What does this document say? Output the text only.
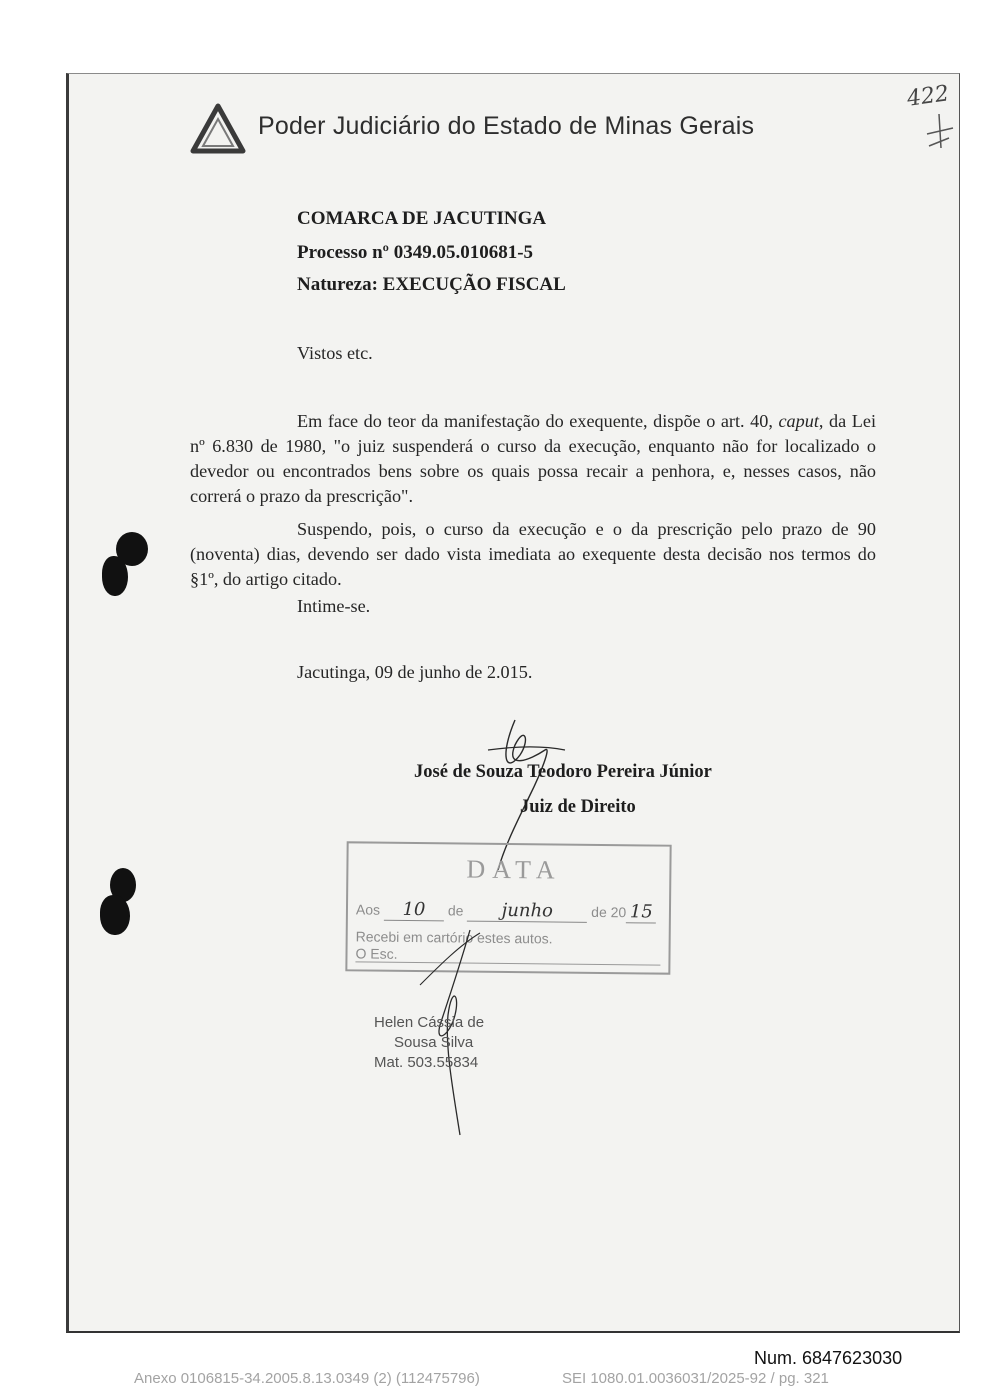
Poder Judiciário do Estado de Minas Gerais
422
COMARCA DE JACUTINGA
Processo nº 0349.05.010681-5
Natureza: EXECUÇÃO FISCAL
Vistos etc.
Em face do teor da manifestação do exequente, dispõe o art. 40, caput, da Lei nº 6.830 de 1980, "o juiz suspenderá o curso da execução, enquanto não for localizado o devedor ou encontrados bens sobre os quais possa recair a penhora, e, nesses casos, não correrá o prazo da prescrição".
Suspendo, pois, o curso da execução e o da prescrição pelo prazo de 90 (noventa) dias, devendo ser dado vista imediata ao exequente desta decisão nos termos do §1º, do artigo citado.
Intime-se.
Jacutinga, 09 de junho de 2.015.
José de Souza Teodoro Pereira Júnior
Juiz de Direito
DATA
Aos 10 de junho	de 20 15
Recebi em cartório estes autos.
O Esc.
Helen Cássia de
Sousa Silva
Mat. 503.55834
Num. 6847623030
Anexo 0106815-34.2005.8.13.0349 (2) (112475796)	SEI 1080.01.0036031/2025-92 / pg. 321
